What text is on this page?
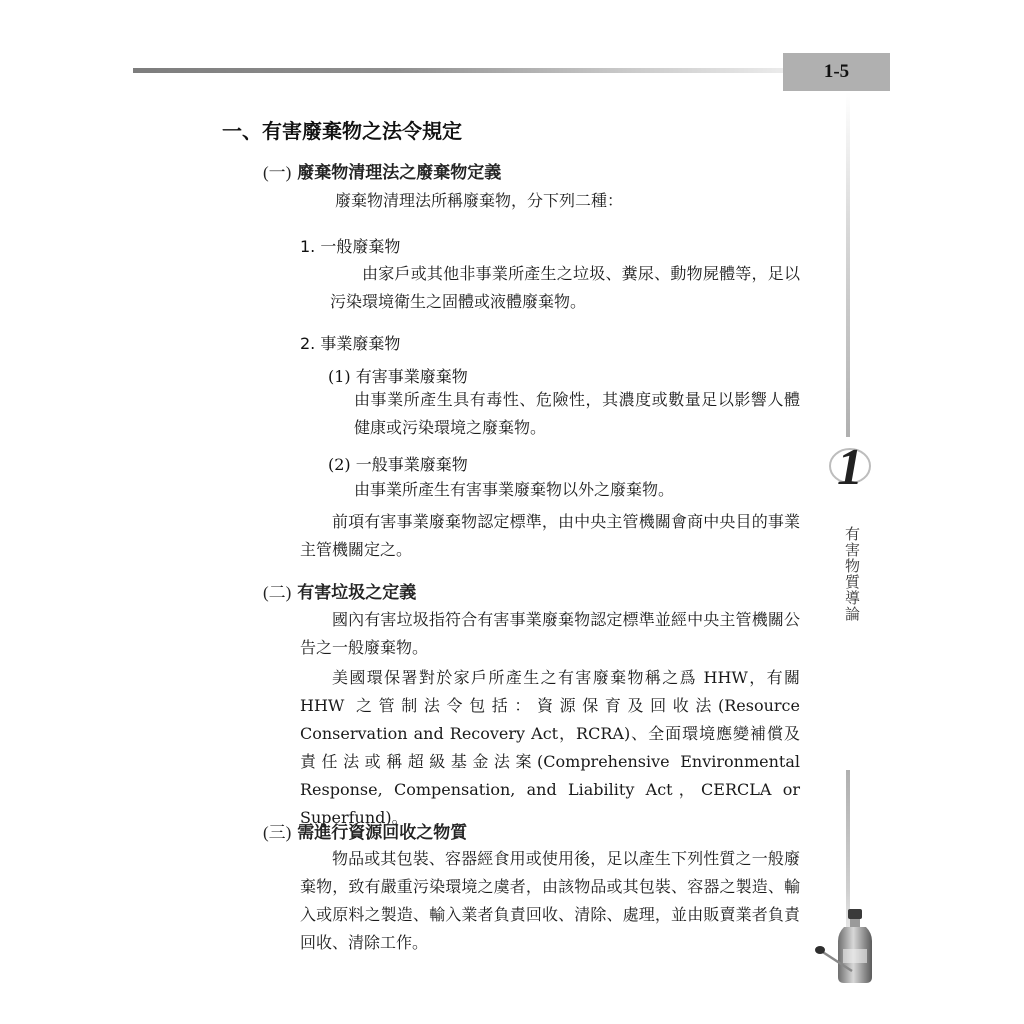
1-5
1
有害物質導論
一、有害廢棄物之法令規定
(一) 廢棄物清理法之廢棄物定義
廢棄物清理法所稱廢棄物，分下列二種：
1. 一般廢棄物
由家戶或其他非事業所產生之垃圾、糞尿、動物屍體等，足以污染環境衛生之固體或液體廢棄物。
2. 事業廢棄物
(1) 有害事業廢棄物
由事業所產生具有毒性、危險性，其濃度或數量足以影響人體健康或污染環境之廢棄物。
(2) 一般事業廢棄物
由事業所產生有害事業廢棄物以外之廢棄物。
前項有害事業廢棄物認定標準，由中央主管機關會商中央目的事業主管機關定之。
(二) 有害垃圾之定義
國內有害垃圾指符合有害事業廢棄物認定標準並經中央主管機關公告之一般廢棄物。
美國環保署對於家戶所產生之有害廢棄物稱之爲 HHW，有關 HHW 之管制法令包括：資源保育及回收法(Resource Conservation and Recovery Act，RCRA)、全面環境應變補償及責任法或稱超級基金法案(Comprehensive Environmental Response, Compensation, and Liability Act，CERCLA or Superfund)。
(三) 需進行資源回收之物質
物品或其包裝、容器經食用或使用後，足以產生下列性質之一般廢棄物，致有嚴重污染環境之虞者，由該物品或其包裝、容器之製造、輸入或原料之製造、輸入業者負責回收、清除、處理，並由販賣業者負責回收、清除工作。
